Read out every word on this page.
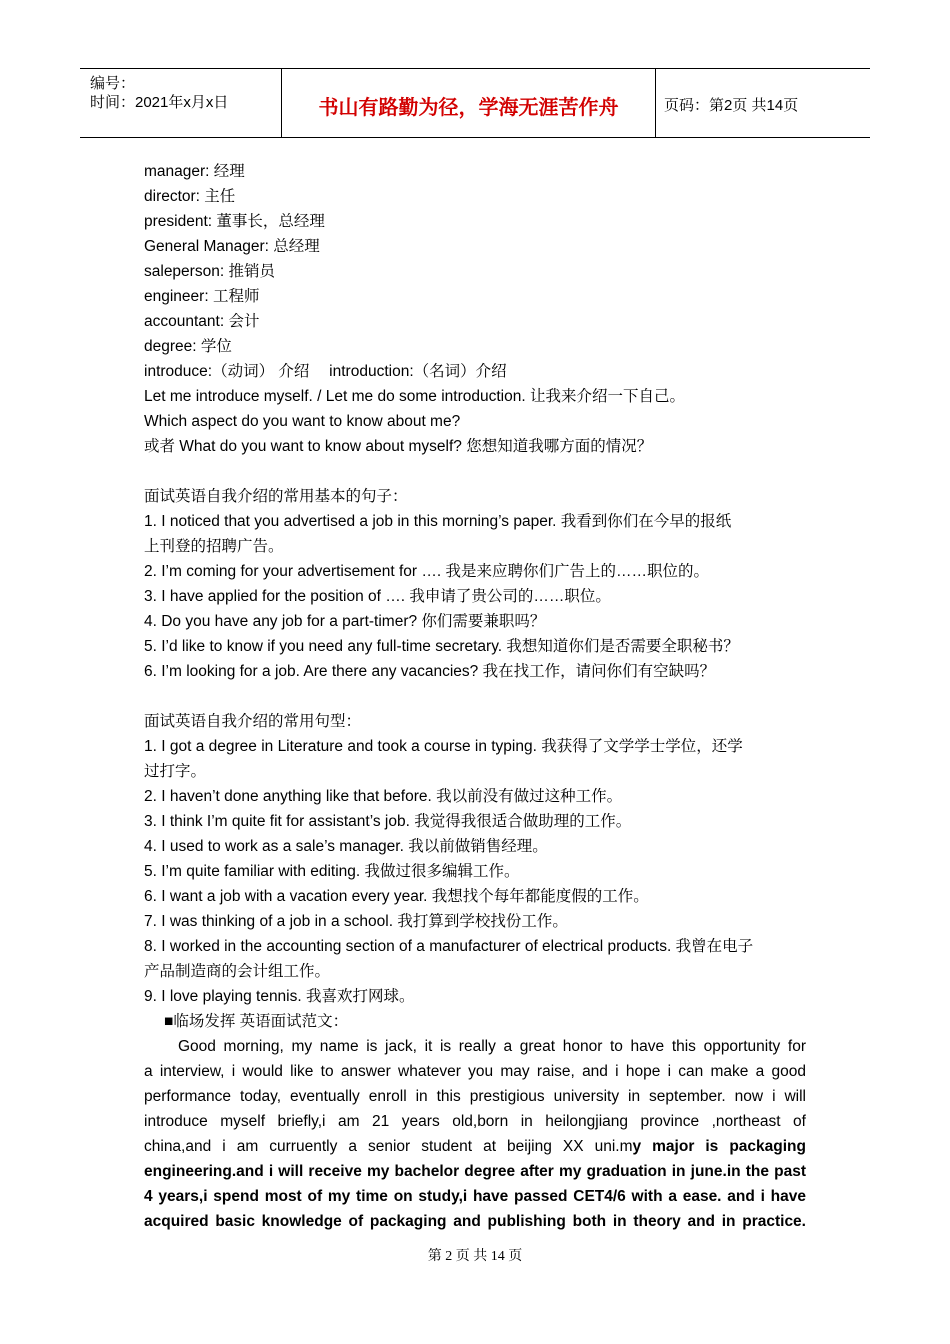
编号：
时间：2021年x月x日	书山有路勤为径，学海无涯苦作舟	页码：第2页 共14页
manager: 经理
director: 主任
president: 董事长，总经理
General Manager: 总经理
saleperson: 推销员
engineer: 工程师
accountant: 会计
degree: 学位
introduce:（动词） 介绍　 introduction:（名词）介绍
Let me introduce myself. / Let me do some introduction. 让我来介绍一下自己。
Which aspect do you want to know about me?
或者 What do you want to know about myself? 您想知道我哪方面的情况？
面试英语自我介绍的常用基本的句子：
1. I noticed that you advertised a job in this morning’s paper. 我看到你们在今早的报纸
上刊登的招聘广告。
2. I’m coming for your advertisement for …. 我是来应聘你们广告上的……职位的。
3. I have applied for the position of …. 我申请了贵公司的……职位。
4. Do you have any job for a part-timer? 你们需要兼职吗？
5. I’d like to know if you need any full-time secretary. 我想知道你们是否需要全职秘书？
6. I’m looking for a job. Are there any vacancies? 我在找工作，请问你们有空缺吗？
面试英语自我介绍的常用句型：
1. I got a degree in Literature and took a course in typing. 我获得了文学学士学位，还学
过打字。
2. I haven’t done anything like that before. 我以前没有做过这种工作。
3. I think I’m quite fit for assistant’s job. 我觉得我很适合做助理的工作。
4. I used to work as a sale’s manager. 我以前做销售经理。
5. I’m quite familiar with editing. 我做过很多编辑工作。
6. I want a job with a vacation every year. 我想找个每年都能度假的工作。
7. I was thinking of a job in a school. 我打算到学校找份工作。
8. I worked in the accounting section of a manufacturer of electrical products. 我曾在电子
产品制造商的会计组工作。
9. I love playing tennis. 我喜欢打网球。
■临场发挥 英语面试范文：
Good morning, my name is jack, it is really a great honor to have this opportunity for
a interview, i would like to answer whatever you may raise, and i hope i can make a good
performance today, eventually enroll in this prestigious university in september. now i will
introduce myself briefly,i am 21 years old,born in heilongjiang province ,northeast of
china,and i am curruently a senior student at beijing XX uni.my major is packaging
engineering.and i will receive my bachelor degree after my graduation in june.in the past
4 years,i spend most of my time on study,i have passed CET4/6 with a ease. and i have
acquired basic knowledge of packaging and publishing both in theory and in practice.
第 2 页 共 14 页
